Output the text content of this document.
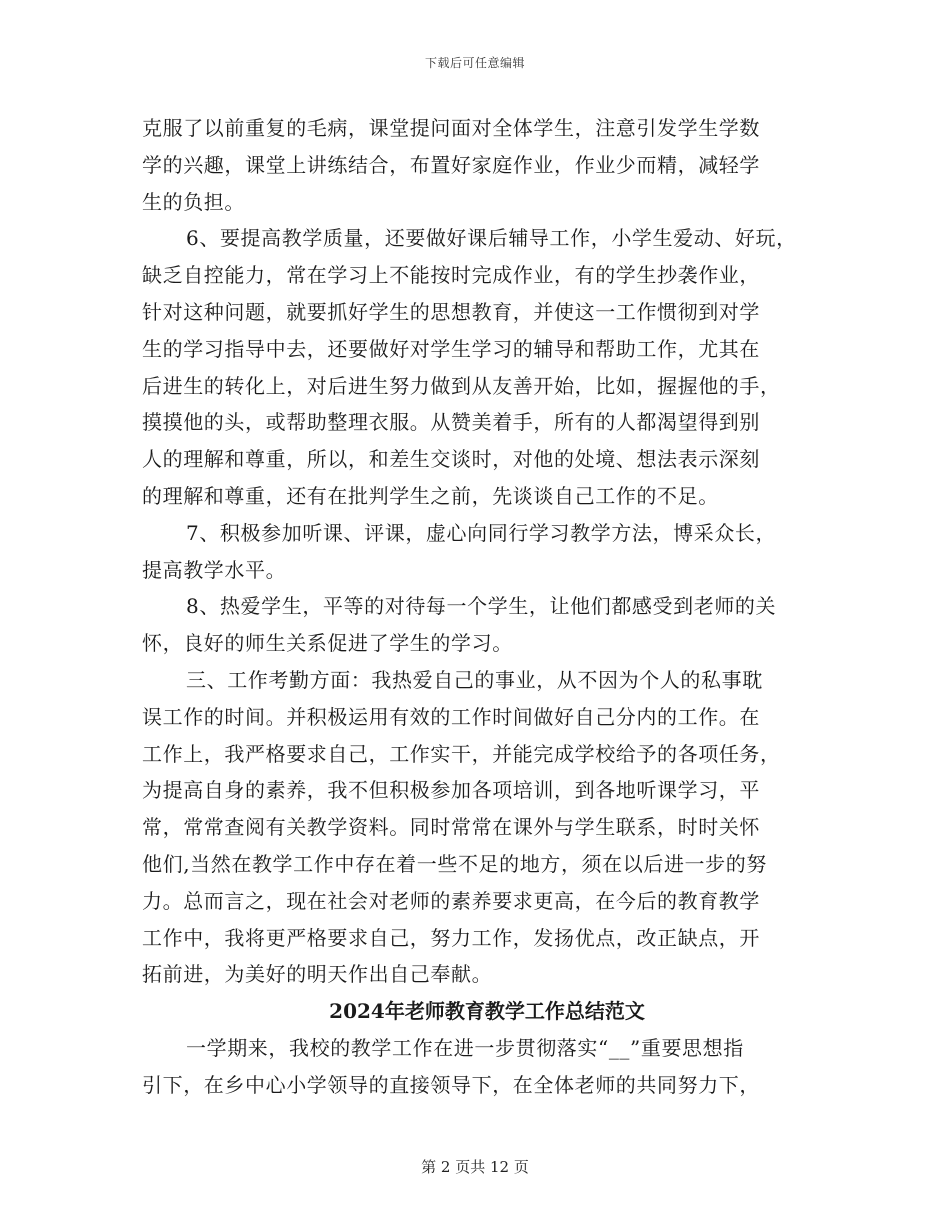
下载后可任意编辑
克服了以前重复的毛病，课堂提问面对全体学生，注意引发学生学数
学的兴趣，课堂上讲练结合，布置好家庭作业，作业少而精，减轻学
生的负担。
6、要提高教学质量，还要做好课后辅导工作，小学生爱动、好玩，
缺乏自控能力，常在学习上不能按时完成作业，有的学生抄袭作业，
针对这种问题，就要抓好学生的思想教育，并使这一工作惯彻到对学
生的学习指导中去，还要做好对学生学习的辅导和帮助工作，尤其在
后进生的转化上，对后进生努力做到从友善开始，比如，握握他的手，
摸摸他的头，或帮助整理衣服。从赞美着手，所有的人都渴望得到别
人的理解和尊重，所以，和差生交谈时，对他的处境、想法表示深刻
的理解和尊重，还有在批判学生之前，先谈谈自己工作的不足。
7、积极参加听课、评课，虚心向同行学习教学方法，博采众长，
提高教学水平。
8、热爱学生，平等的对待每一个学生，让他们都感受到老师的关
怀，良好的师生关系促进了学生的学习。
三、工作考勤方面：我热爱自己的事业，从不因为个人的私事耽
误工作的时间。并积极运用有效的工作时间做好自己分内的工作。在
工作上，我严格要求自己，工作实干，并能完成学校给予的各项任务，
为提高自身的素养，我不但积极参加各项培训，到各地听课学习，平
常，常常查阅有关教学资料。同时常常在课外与学生联系，时时关怀
他们,当然在教学工作中存在着一些不足的地方，须在以后进一步的努
力。总而言之，现在社会对老师的素养要求更高，在今后的教育教学
工作中，我将更严格要求自己，努力工作，发扬优点，改正缺点，开
拓前进，为美好的明天作出自己奉献。
2024年老师教育教学工作总结范文
一学期来，我校的教学工作在进一步贯彻落实“__”重要思想指
引下，在乡中心小学领导的直接领导下，在全体老师的共同努力下，
第 2 页共 12 页
